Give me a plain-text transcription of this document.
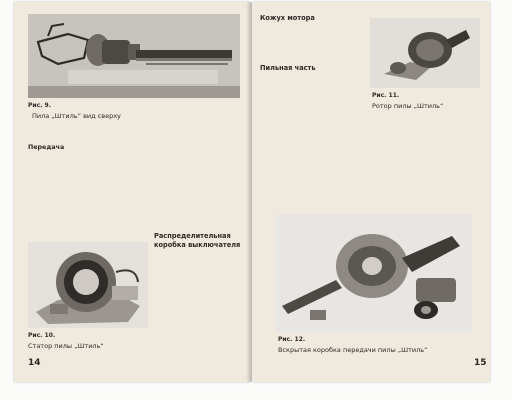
Рис. 9.
Пила „Штиль“ вид сверху
Передача
Рис. 10.
Статор пилы „Штиль“
Распределительная коробка выключателя
14
Кожух мотора
Пильная часть
Рис. 11.
Ротор пилы „Штиль“
Рис. 12.
Вскрытая коробка передачи пилы „Штиль“
15
